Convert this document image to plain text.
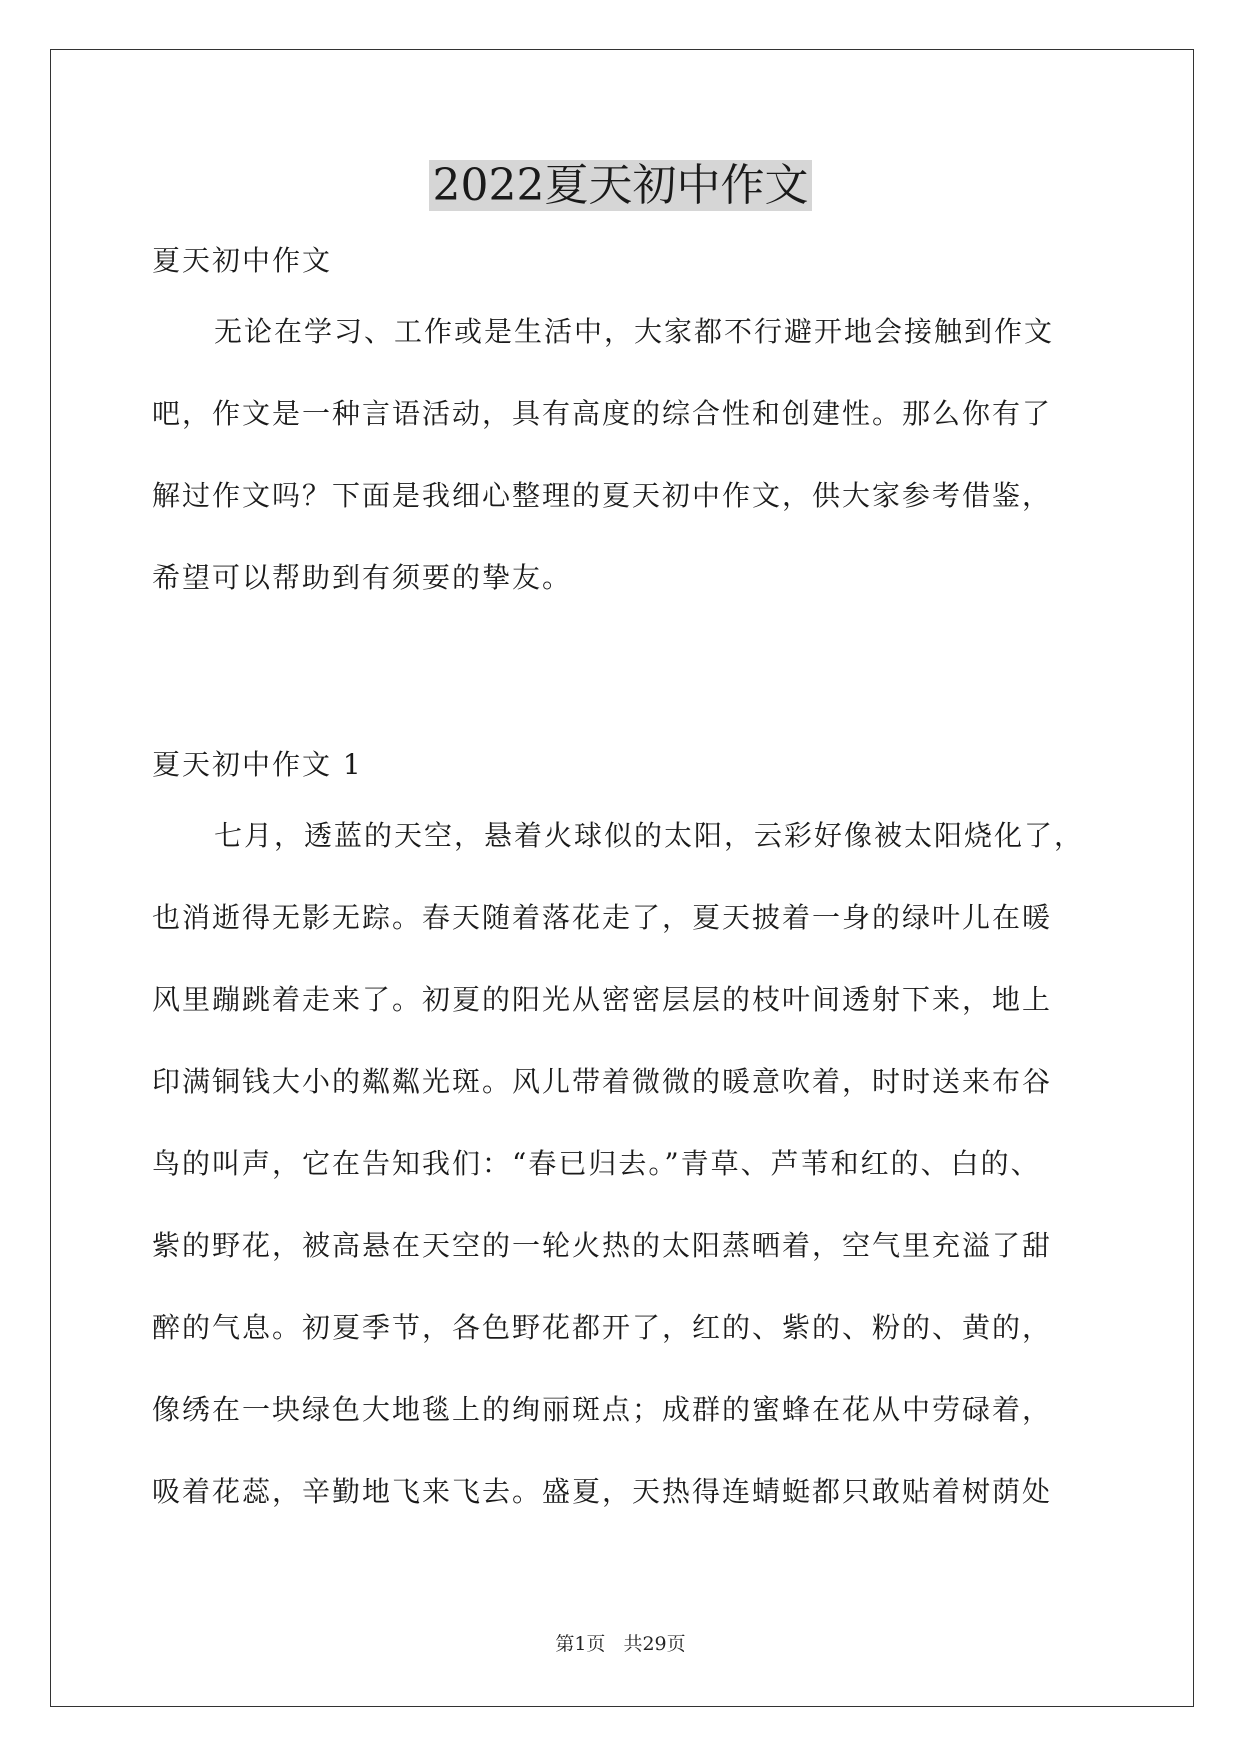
2022夏天初中作文
夏天初中作文
无论在学习、工作或是生活中，大家都不行避开地会接触到作文
吧，作文是一种言语活动，具有高度的综合性和创建性。那么你有了
解过作文吗？下面是我细心整理的夏天初中作文，供大家参考借鉴，
希望可以帮助到有须要的挚友。
夏天初中作文 1
七月，透蓝的天空，悬着火球似的太阳，云彩好像被太阳烧化了，
也消逝得无影无踪。春天随着落花走了，夏天披着一身的绿叶儿在暖
风里蹦跳着走来了。初夏的阳光从密密层层的枝叶间透射下来，地上
印满铜钱大小的粼粼光斑。风儿带着微微的暖意吹着，时时送来布谷
鸟的叫声，它在告知我们：“春已归去。”青草、芦苇和红的、白的、
紫的野花，被高悬在天空的一轮火热的太阳蒸晒着，空气里充溢了甜
醉的气息。初夏季节，各色野花都开了，红的、紫的、粉的、黄的，
像绣在一块绿色大地毯上的绚丽斑点；成群的蜜蜂在花从中劳碌着，
吸着花蕊，辛勤地飞来飞去。盛夏，天热得连蜻蜓都只敢贴着树荫处
第1页 共29页
